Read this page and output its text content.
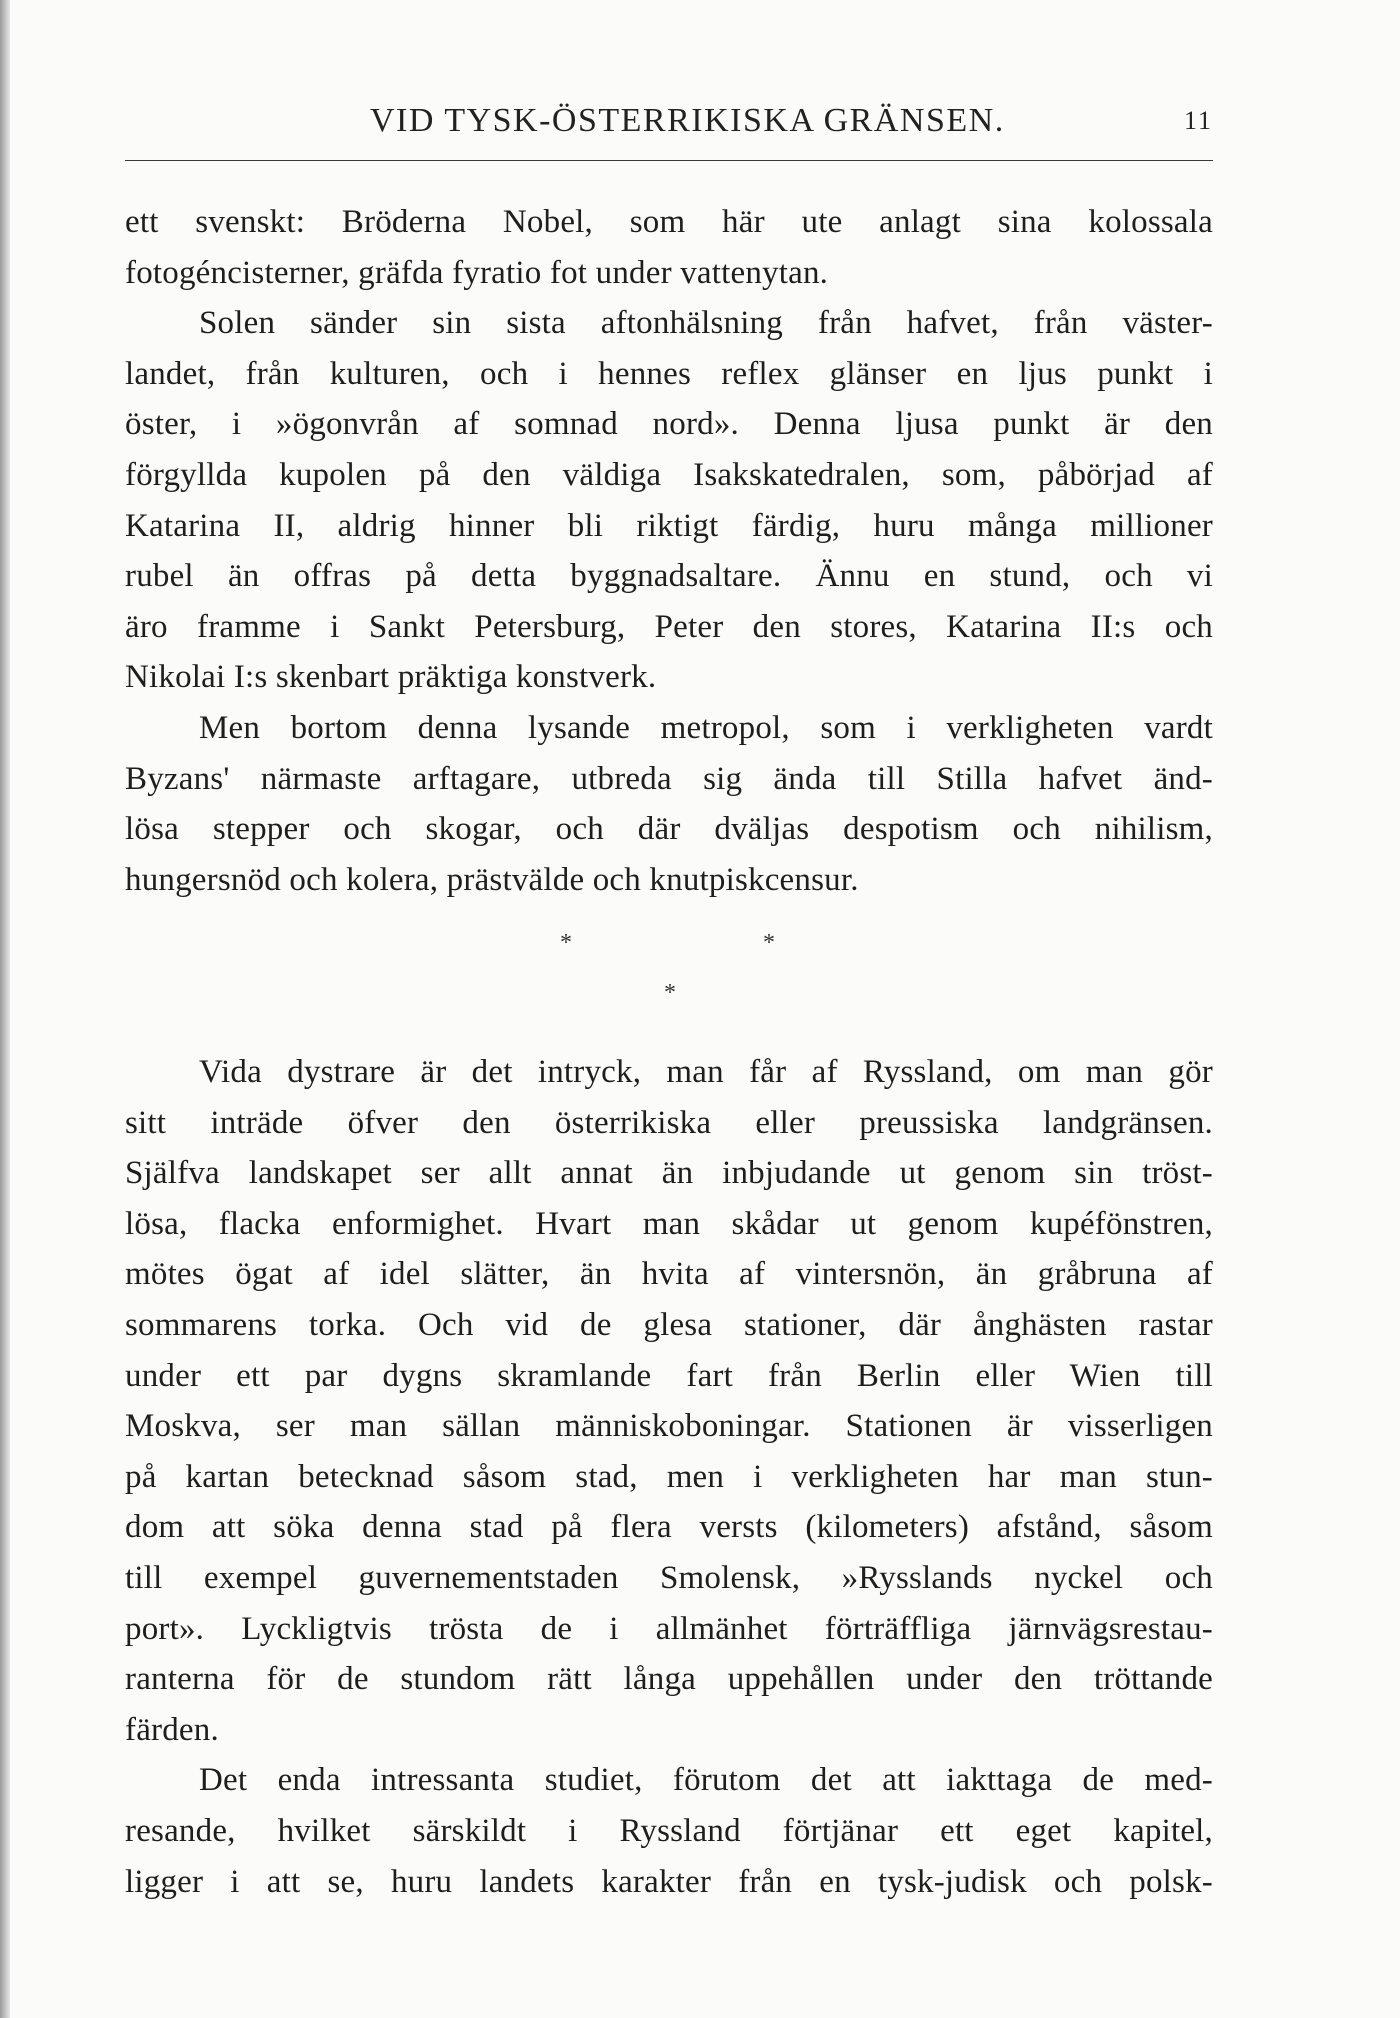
VID TYSK-ÖSTERRIKISKA GRÄNSEN.	11
ett svenskt: Bröderna Nobel, som här ute anlagt sina kolossala
fotogéncisterner, gräfda fyratio fot under vattenytan.
Solen sänder sin sista aftonhälsning från hafvet, från väster-
landet, från kulturen, och i hennes reflex glänser en ljus punkt i
öster, i »ögonvrån af somnad nord». Denna ljusa punkt är den
förgyllda kupolen på den väldiga Isakskatedralen, som, påbörjad af
Katarina II, aldrig hinner bli riktigt färdig, huru många millioner
rubel än offras på detta byggnadsaltare. Ännu en stund, och vi
äro framme i Sankt Petersburg, Peter den stores, Katarina II:s och
Nikolai I:s skenbart präktiga konstverk.
Men bortom denna lysande metropol, som i verkligheten vardt
Byzans' närmaste arftagare, utbreda sig ända till Stilla hafvet änd-
lösa stepper och skogar, och där dväljas despotism och nihilism,
hungersnöd och kolera, prästvälde och knutpiskcensur.
*	*
*
Vida dystrare är det intryck, man får af Ryssland, om man gör
sitt inträde öfver den österrikiska eller preussiska landgränsen.
Själfva landskapet ser allt annat än inbjudande ut genom sin tröst-
lösa, flacka enformighet. Hvart man skådar ut genom kupéfönstren,
mötes ögat af idel slätter, än hvita af vintersnön, än gråbruna af
sommarens torka. Och vid de glesa stationer, där ånghästen rastar
under ett par dygns skramlande fart från Berlin eller Wien till
Moskva, ser man sällan människoboningar. Stationen är visserligen
på kartan betecknad såsom stad, men i verkligheten har man stun-
dom att söka denna stad på flera versts (kilometers) afstånd, såsom
till exempel guvernementstaden Smolensk, »Rysslands nyckel och
port». Lyckligtvis trösta de i allmänhet förträffliga järnvägsrestau-
ranterna för de stundom rätt långa uppehållen under den tröttande
färden.
Det enda intressanta studiet, förutom det att iakttaga de med-
resande, hvilket särskildt i Ryssland förtjänar ett eget kapitel,
ligger i att se, huru landets karakter från en tysk-judisk och polsk-
